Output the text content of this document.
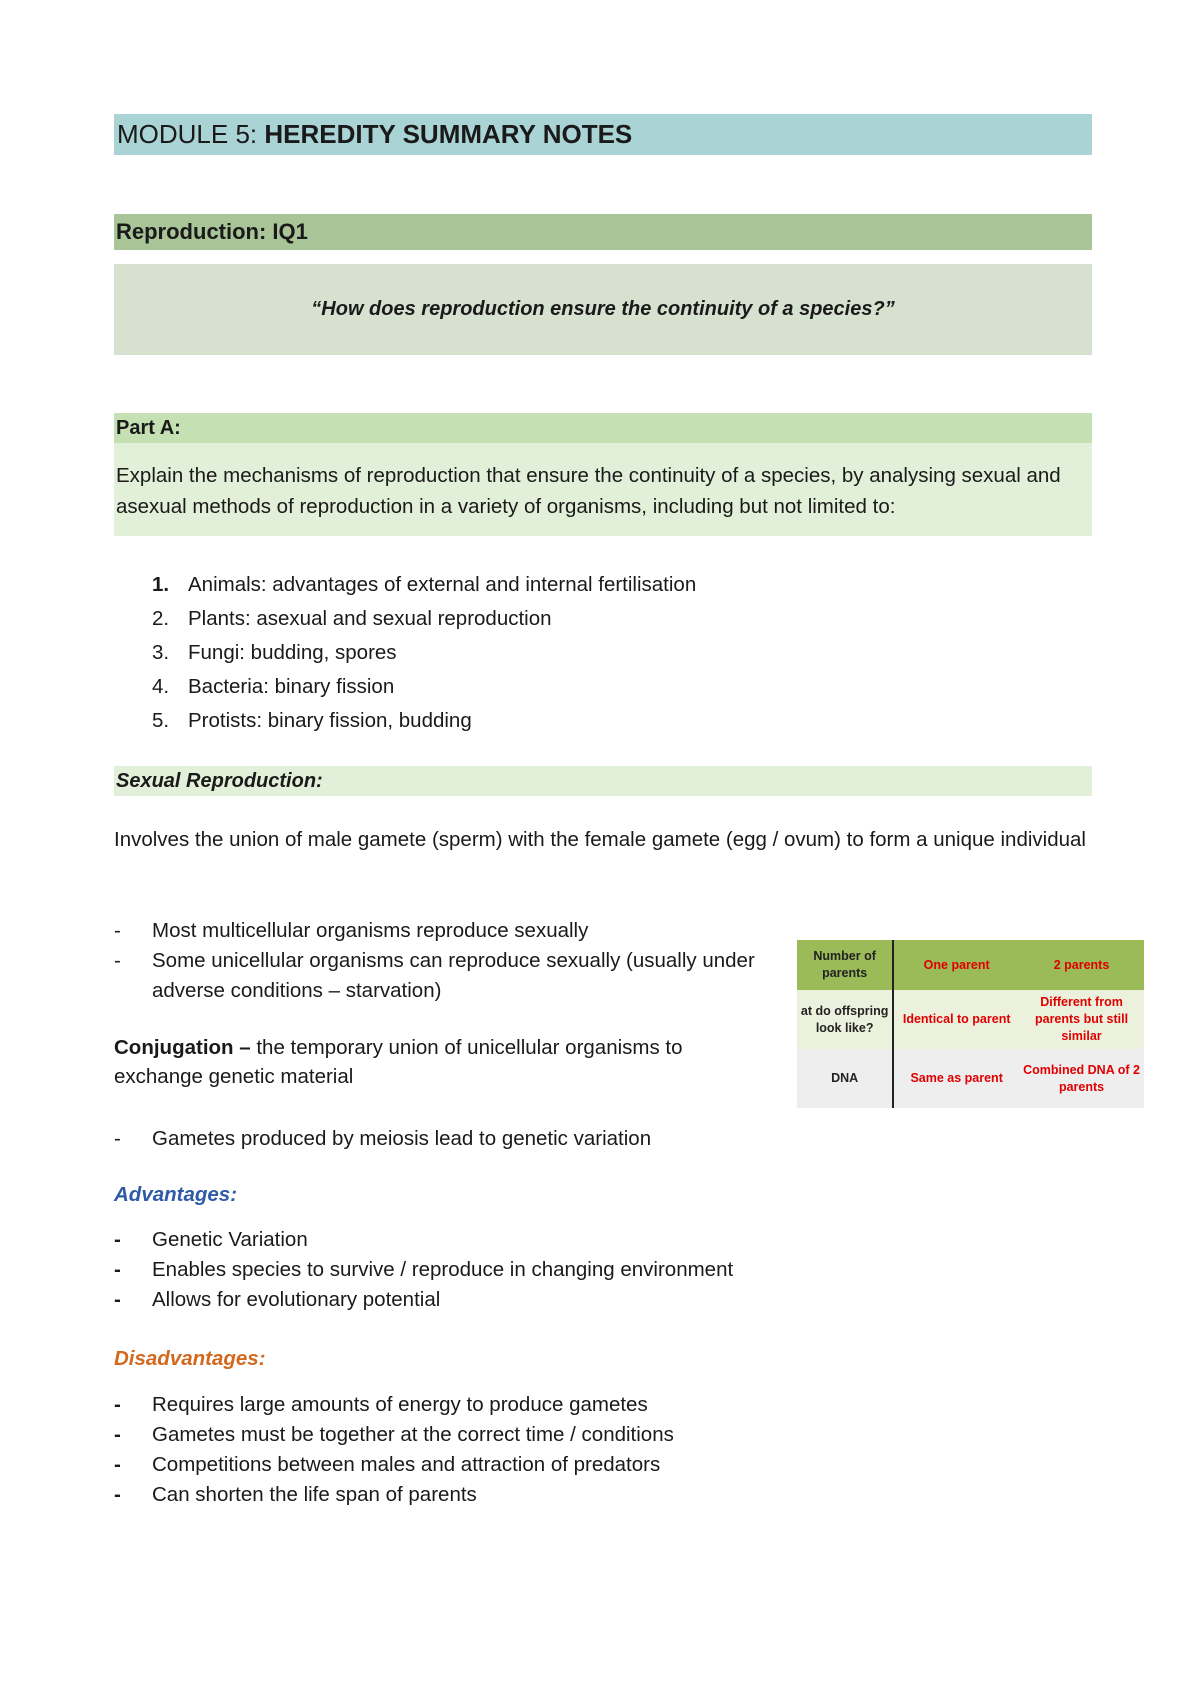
MODULE 5: HEREDITY SUMMARY NOTES
Reproduction: IQ1
“How does reproduction ensure the continuity of a species?”
Part A:
Explain the mechanisms of reproduction that ensure the continuity of a species, by analysing sexual and asexual methods of reproduction in a variety of organisms, including but not limited to:
1. Animals: advantages of external and internal fertilisation
2. Plants: asexual and sexual reproduction
3. Fungi: budding, spores
4. Bacteria: binary fission
5. Protists: binary fission, budding
Sexual Reproduction:
Involves the union of male gamete (sperm) with the female gamete (egg / ovum) to form a unique individual
- Most multicellular organisms reproduce sexually
- Some unicellular organisms can reproduce sexually (usually under adverse conditions – starvation)
Conjugation – the temporary union of unicellular organisms to exchange genetic material
- Gametes produced by meiosis lead to genetic variation
Number of parents	One parent	2 parents
at do offspring look like?	Identical to parent	Different from parents but still similar
DNA	Same as parent	Combined DNA of 2 parents
Advantages:
- Genetic Variation
- Enables species to survive / reproduce in changing environment
- Allows for evolutionary potential
Disadvantages:
- Requires large amounts of energy to produce gametes
- Gametes must be together at the correct time / conditions
- Competitions between males and attraction of predators
- Can shorten the life span of parents
